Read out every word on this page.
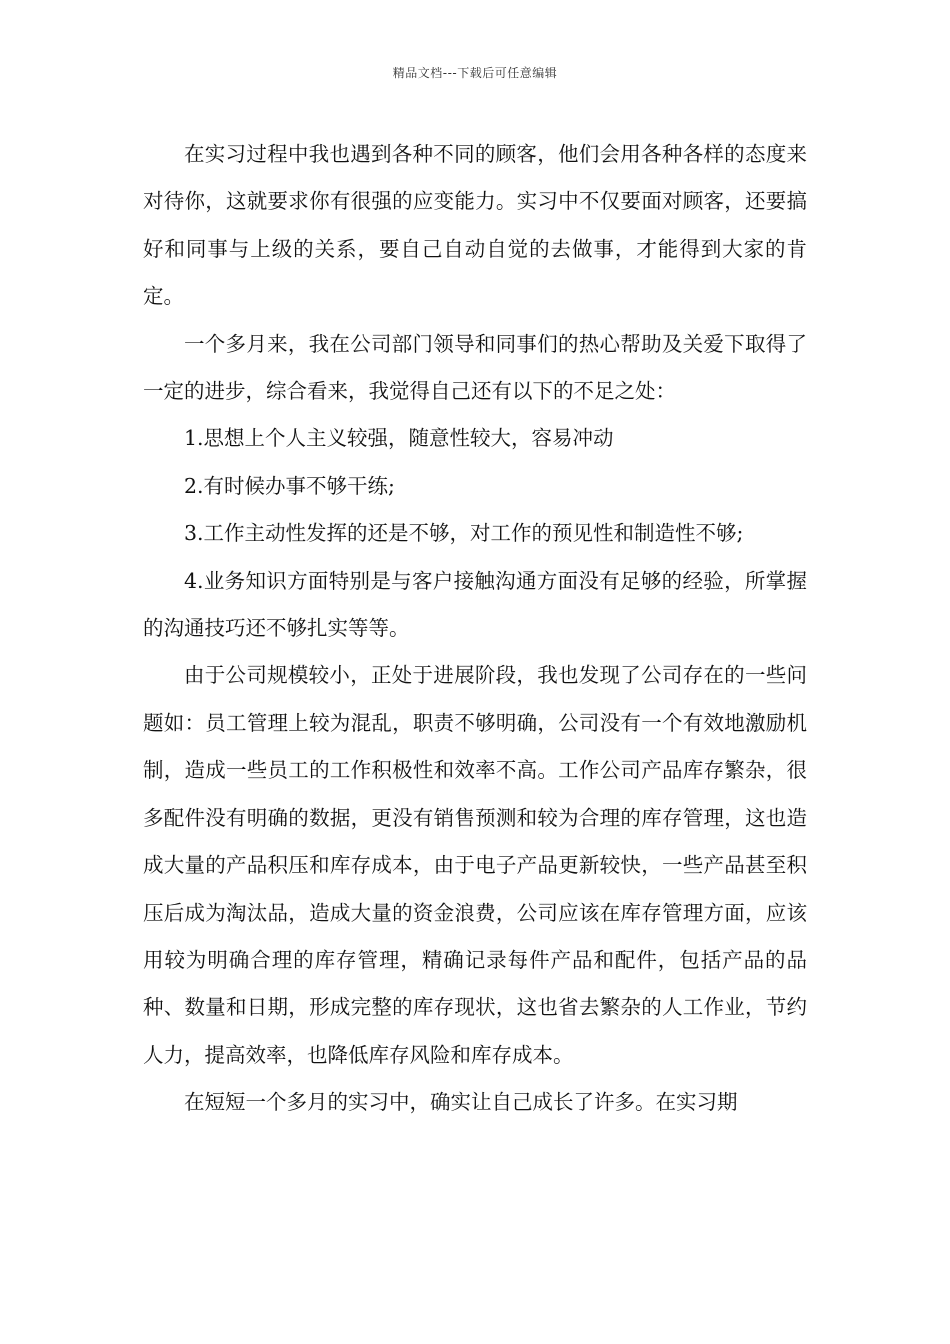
精品文档---下载后可任意编辑

在实习过程中我也遇到各种不同的顾客，他们会用各种各样的态度来对待你，这就要求你有很强的应变能力。实习中不仅要面对顾客，还要搞好和同事与上级的关系，要自己自动自觉的去做事，才能得到大家的肯定。

一个多月来，我在公司部门领导和同事们的热心帮助及关爱下取得了一定的进步，综合看来，我觉得自己还有以下的不足之处：

1.思想上个人主义较强，随意性较大，容易冲动

2.有时候办事不够干练;

3.工作主动性发挥的还是不够，对工作的预见性和制造性不够;

4.业务知识方面特别是与客户接触沟通方面没有足够的经验，所掌握的沟通技巧还不够扎实等等。

由于公司规模较小，正处于进展阶段，我也发现了公司存在的一些问题如：员工管理上较为混乱，职责不够明确，公司没有一个有效地激励机制，造成一些员工的工作积极性和效率不高。工作公司产品库存繁杂，很多配件没有明确的数据，更没有销售预测和较为合理的库存管理，这也造成大量的产品积压和库存成本，由于电子产品更新较快，一些产品甚至积压后成为淘汰品，造成大量的资金浪费，公司应该在库存管理方面，应该用较为明确合理的库存管理，精确记录每件产品和配件，包括产品的品种、数量和日期，形成完整的库存现状，这也省去繁杂的人工作业，节约人力，提高效率，也降低库存风险和库存成本。

在短短一个多月的实习中，确实让自己成长了许多。在实习期
